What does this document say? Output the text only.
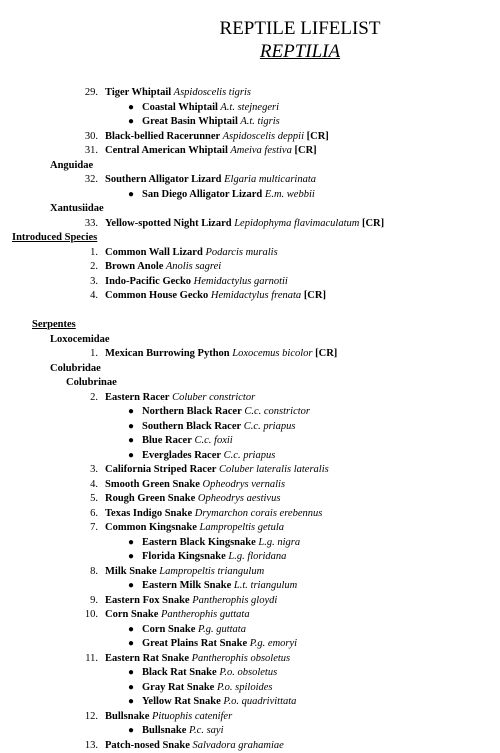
REPTILE LIFELIST
REPTILIA
29. Tiger Whiptail Aspidoscelis tigris
● Coastal Whiptail A.t. stejnegeri
● Great Basin Whiptail A.t. tigris
30. Black-bellied Racerunner Aspidoscelis deppii [CR]
31. Central American Whiptail Ameiva festiva [CR]
Anguidae
32. Southern Alligator Lizard Elgaria multicarinata
● San Diego Alligator Lizard E.m. webbii
Xantusiidae
33. Yellow-spotted Night Lizard Lepidophyma flavimaculatum [CR]
Introduced Species
1. Common Wall Lizard Podarcis muralis
2. Brown Anole Anolis sagrei
3. Indo-Pacific Gecko Hemidactylus garnotii
4. Common House Gecko Hemidactylus frenata [CR]
Serpentes
Loxocemidae
1. Mexican Burrowing Python Loxocemus bicolor [CR]
Colubridae
Colubrinae
2. Eastern Racer Coluber constrictor
● Northern Black Racer C.c. constrictor
● Southern Black Racer C.c. priapus
● Blue Racer C.c. foxii
● Everglades Racer C.c. priapus
3. California Striped Racer Coluber lateralis lateralis
4. Smooth Green Snake Opheodrys vernalis
5. Rough Green Snake Opheodrys aestivus
6. Texas Indigo Snake Drymarchon corais erebennus
7. Common Kingsnake Lampropeltis getula
● Eastern Black Kingsnake L.g. nigra
● Florida Kingsnake L.g. floridana
8. Milk Snake Lampropeltis triangulum
● Eastern Milk Snake L.t. triangulum
9. Eastern Fox Snake Pantherophis gloydi
10. Corn Snake Pantherophis guttata
● Corn Snake P.g. guttata
● Great Plains Rat Snake P.g. emoryi
11. Eastern Rat Snake Pantherophis obsoletus
● Black Rat Snake P.o. obsoletus
● Gray Rat Snake P.o. spiloides
● Yellow Rat Snake P.o. quadrivittata
12. Bullsnake Pituophis catenifer
● Bullsnake P.c. sayi
13. Patch-nosed Snake Salvadora grahamiae
